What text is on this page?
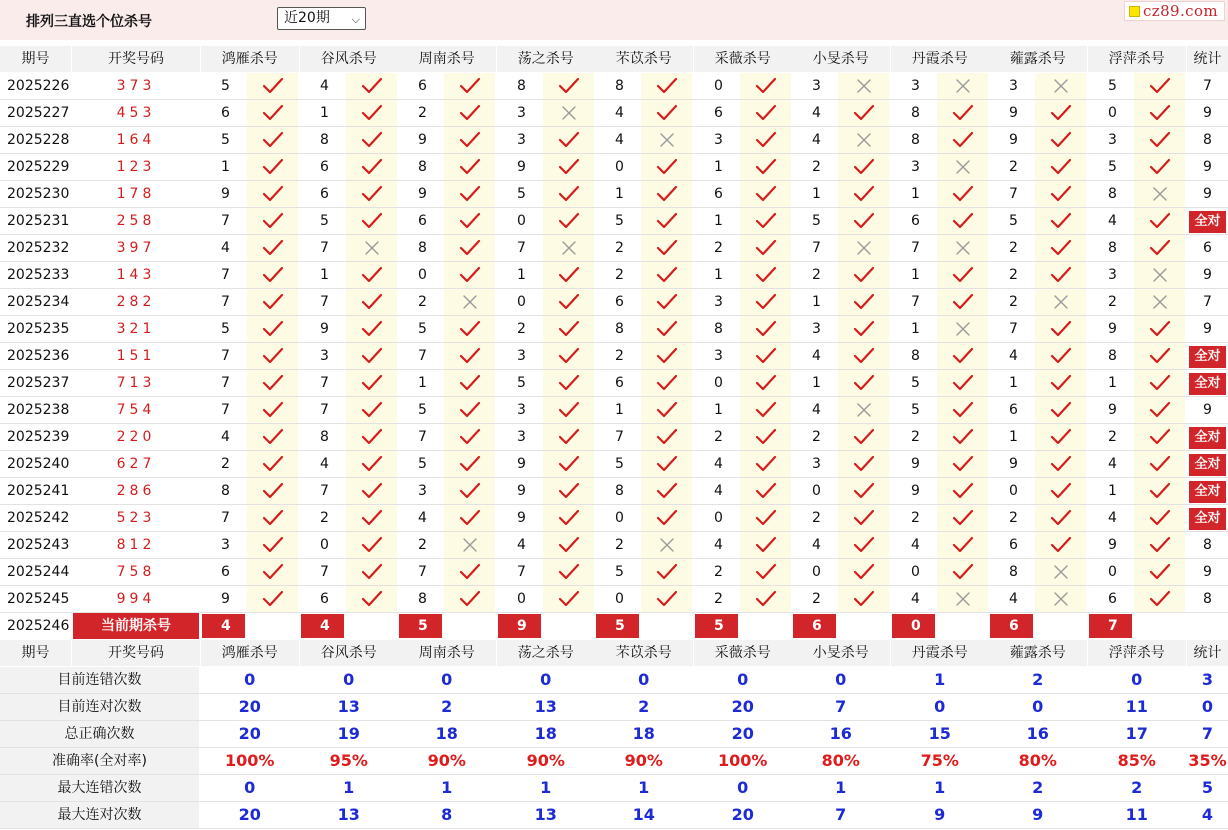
排列三直选个位杀号	近20期 ⌵	cz89.com
期号	开奖号码	鸿雁杀号	谷风杀号	周南杀号	荡之杀号	芣苡杀号	采薇杀号	小旻杀号	丹霞杀号	蕹露杀号	浮萍杀号	统计
2025226	373	5	4	6	8	8	0	3	3	3	5	7
2025227	453	6	1	2	3	4	6	4	8	9	0	9
2025228	164	5	8	9	3	4	3	4	8	9	3	8
2025229	123	1	6	8	9	0	1	2	3	2	5	9
2025230	178	9	6	9	5	1	6	1	1	7	8	9
2025231	258	7	5	6	0	5	1	5	6	5	4	全对
2025232	397	4	7	8	7	2	2	7	7	2	8	6
2025233	143	7	1	0	1	2	1	2	1	2	3	9
2025234	282	7	7	2	0	6	3	1	7	2	2	7
2025235	321	5	9	5	2	8	8	3	1	7	9	9
2025236	151	7	3	7	3	2	3	4	8	4	8	全对
2025237	713	7	7	1	5	6	0	1	5	1	1	全对
2025238	754	7	7	5	3	1	1	4	5	6	9	9
2025239	220	4	8	7	3	7	2	2	2	1	2	全对
2025240	627	2	4	5	9	5	4	3	9	9	4	全对
2025241	286	8	7	3	9	8	4	0	9	0	1	全对
2025242	523	7	2	4	9	0	0	2	2	2	4	全对
2025243	812	3	0	2	4	2	4	4	4	6	9	8
2025244	758	6	7	7	7	5	2	0	0	8	0	9
2025245	994	9	6	8	0	0	2	2	4	4	6	8
2025246	当前期杀号	4	4	5	9	5	5	6	0	6	7
期号	开奖号码	鸿雁杀号	谷风杀号	周南杀号	荡之杀号	芣苡杀号	采薇杀号	小旻杀号	丹霞杀号	蕹露杀号	浮萍杀号	统计
目前连错次数	0	0	0	0	0	0	0	1	2	0	3
目前连对次数	20	13	2	13	2	20	7	0	0	11	0
总正确次数	20	19	18	18	18	20	16	15	16	17	7
准确率(全对率)	100%	95%	90%	90%	90%	100%	80%	75%	80%	85%	35%
最大连错次数	0	1	1	1	1	0	1	1	2	2	5
最大连对次数	20	13	8	13	14	20	7	9	9	11	4
